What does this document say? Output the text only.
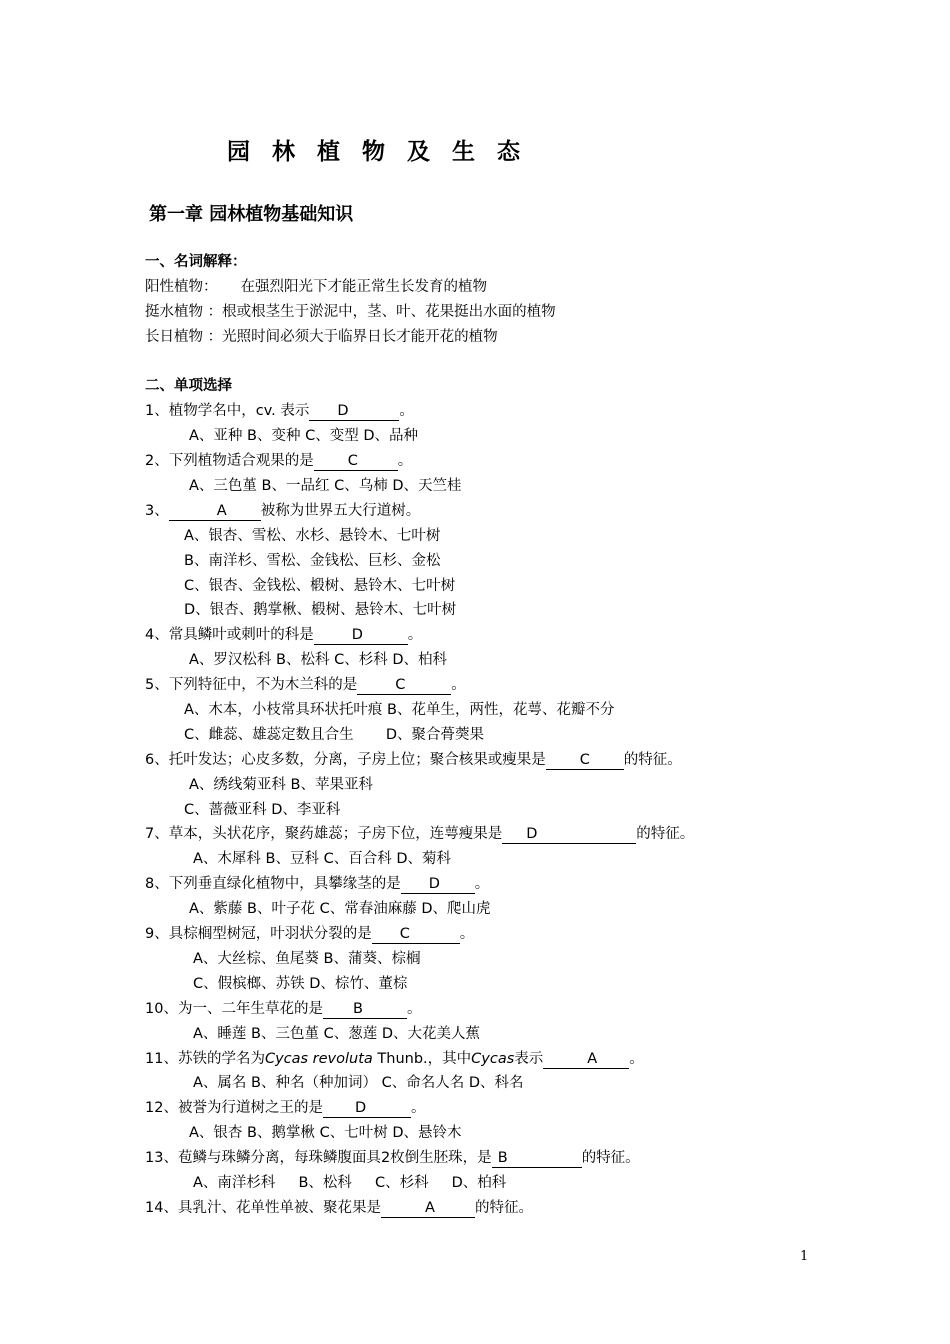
园 林 植 物 及 生 态
第一章 园林植物基础知识
一、名词解释：
阳性植物：     在强烈阳光下才能正常生长发育的植物
挺水植物 ：根或根茎生于淤泥中，茎、叶、花果挺出水面的植物
长日植物 ：光照时间必须大于临界日长才能开花的植物
二、单项选择
1、植物学名中，cv. 表示 D	。
A、亚种 B、变种 C、变型 D、品种
2、下列植物适合观果的是 C	。
A、三色堇 B、一品红 C、乌柿 D、天竺桂
3、	A 被称为世界五大行道树。
A、银杏、雪松、水杉、悬铃木、七叶树
B、南洋杉、雪松、金钱松、巨杉、金松
C、银杏、金钱松、椴树、悬铃木、七叶树
D、银杏、鹅掌楸、椴树、悬铃木、七叶树
4、常具鳞叶或刺叶的科是	D	。
A、罗汉松科 B、松科 C、杉科 D、柏科
5、下列特征中，不为木兰科的是	C	。
A、木本，小枝常具环状托叶痕 B、花单生，两性，花萼、花瓣不分
C、雌蕊、雄蕊定数且合生       D、聚合蓇葖果
6、托叶发达；心皮多数，分离，子房上位；聚合核果或瘦果是 C 的特征。
A、绣线菊亚科 B、苹果亚科
C、蔷薇亚科 D、李亚科
7、草本，头状花序，聚药雄蕊；子房下位，连萼瘦果是 D	的特征。
A、木犀科 B、豆科 C、百合科 D、菊科
8、下列垂直绿化植物中，具攀缘茎的是 D 。
A、紫藤 B、叶子花 C、常春油麻藤 D、爬山虎
9、具棕榈型树冠，叶羽状分裂的是 C	。
A、大丝棕、鱼尾葵 B、蒲葵、棕榈
C、假槟榔、苏铁 D、棕竹、董棕
10、为一、二年生草花的是 B	。
A、睡莲 B、三色堇 C、葱莲 D、大花美人蕉
11、苏铁的学名为Cycas revoluta Thunb.，其中Cycas表示	A 。
A、属名 B、种名（种加词） C、命名人名 D、科名
12、被誉为行道树之王的是 D	。
A、银杏 B、鹅掌楸 C、七叶树 D、悬铃木
13、苞鳞与珠鳞分离，每珠鳞腹面具2枚倒生胚珠，是 B	的特征。
A、南洋杉科     B、松科     C、杉科     D、柏科
14、具乳汁、花单性单被、聚花果是	A	的特征。
1
